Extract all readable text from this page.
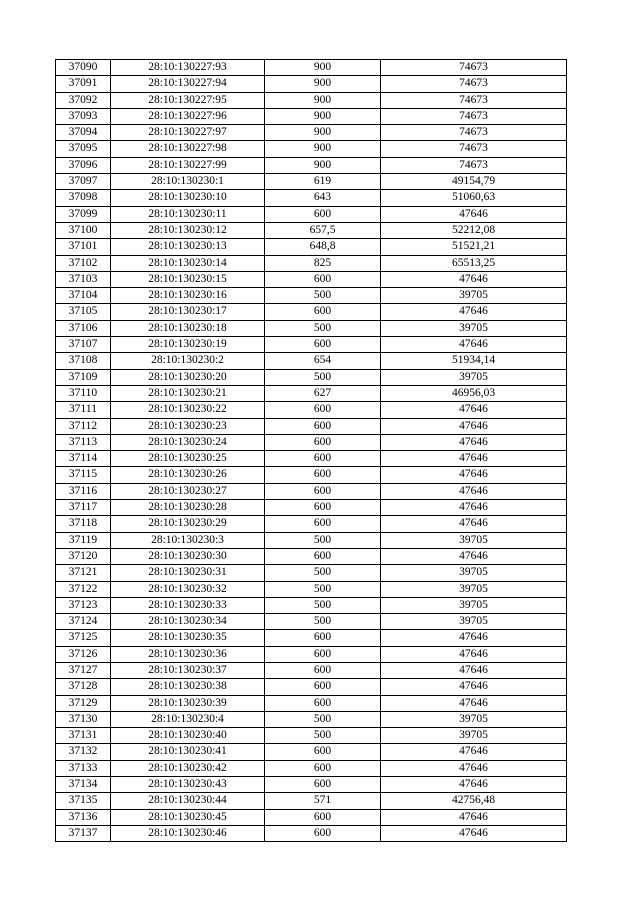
37090	28:10:130227:93	900	74673
37091	28:10:130227:94	900	74673
37092	28:10:130227:95	900	74673
37093	28:10:130227:96	900	74673
37094	28:10:130227:97	900	74673
37095	28:10:130227:98	900	74673
37096	28:10:130227:99	900	74673
37097	28:10:130230:1	619	49154,79
37098	28:10:130230:10	643	51060,63
37099	28:10:130230:11	600	47646
37100	28:10:130230:12	657,5	52212,08
37101	28:10:130230:13	648,8	51521,21
37102	28:10:130230:14	825	65513,25
37103	28:10:130230:15	600	47646
37104	28:10:130230:16	500	39705
37105	28:10:130230:17	600	47646
37106	28:10:130230:18	500	39705
37107	28:10:130230:19	600	47646
37108	28:10:130230:2	654	51934,14
37109	28:10:130230:20	500	39705
37110	28:10:130230:21	627	46956,03
37111	28:10:130230:22	600	47646
37112	28:10:130230:23	600	47646
37113	28:10:130230:24	600	47646
37114	28:10:130230:25	600	47646
37115	28:10:130230:26	600	47646
37116	28:10:130230:27	600	47646
37117	28:10:130230:28	600	47646
37118	28:10:130230:29	600	47646
37119	28:10:130230:3	500	39705
37120	28:10:130230:30	600	47646
37121	28:10:130230:31	500	39705
37122	28:10:130230:32	500	39705
37123	28:10:130230:33	500	39705
37124	28:10:130230:34	500	39705
37125	28:10:130230:35	600	47646
37126	28:10:130230:36	600	47646
37127	28:10:130230:37	600	47646
37128	28:10:130230:38	600	47646
37129	28:10:130230:39	600	47646
37130	28:10:130230:4	500	39705
37131	28:10:130230:40	500	39705
37132	28:10:130230:41	600	47646
37133	28:10:130230:42	600	47646
37134	28:10:130230:43	600	47646
37135	28:10:130230:44	571	42756,48
37136	28:10:130230:45	600	47646
37137	28:10:130230:46	600	47646
